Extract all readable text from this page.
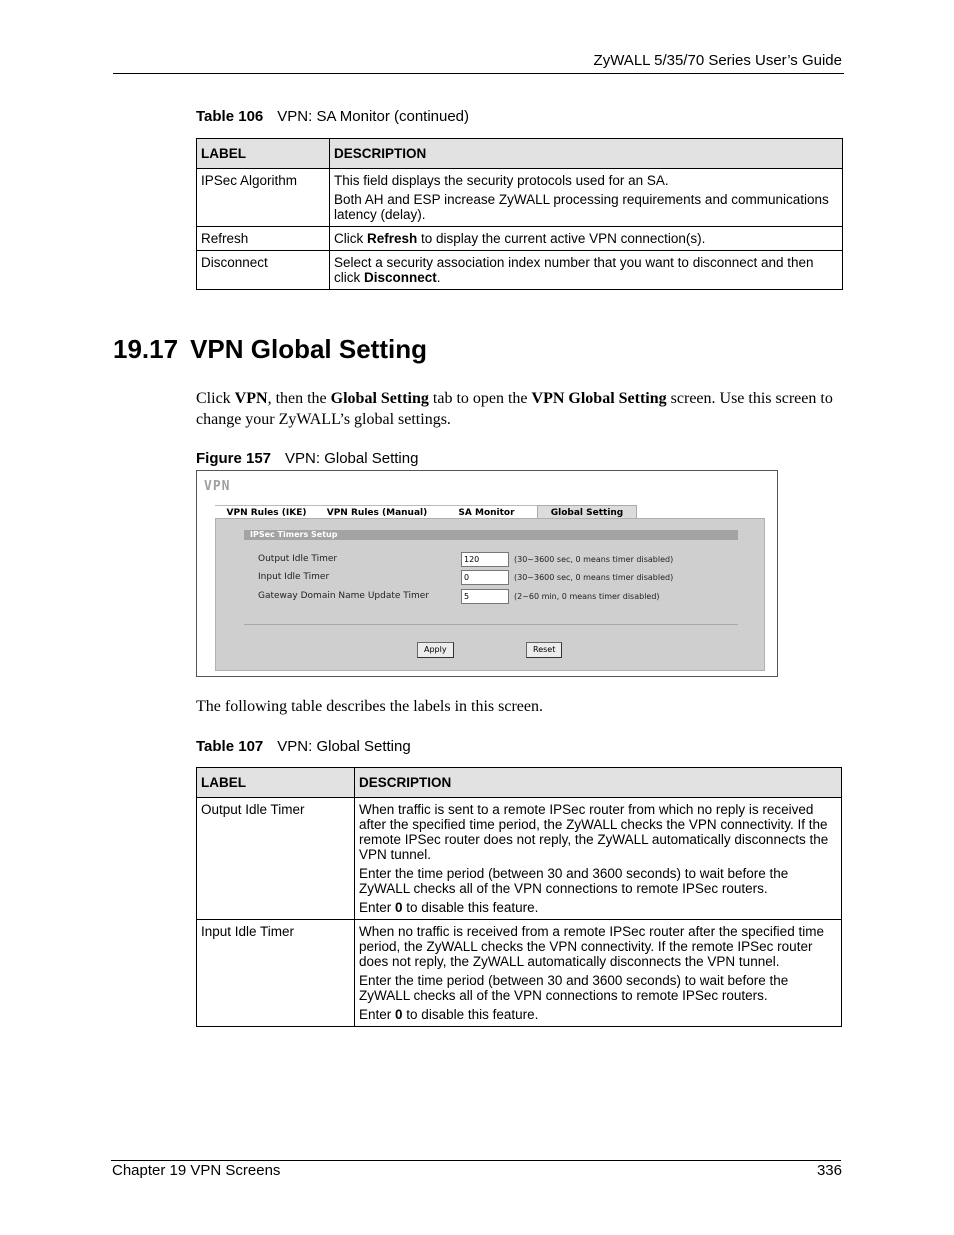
ZyWALL 5/35/70 Series User’s Guide
Table 106 VPN: SA Monitor (continued)
LABEL	DESCRIPTION
IPSec Algorithm	This field displays the security protocols used for an SA.

Both AH and ESP increase ZyWALL processing requirements and communications latency (delay).

Refresh	Click Refresh to display the current active VPN connection(s).
Disconnect	Select a security association index number that you want to disconnect and then click Disconnect.
19.17 VPN Global Setting
Click VPN, then the Global Setting tab to open the VPN Global Setting screen. Use this screen to change your ZyWALL’s global settings.
Figure 157 VPN: Global Setting
VPN
VPN Rules (IKE)	VPN Rules (Manual)	SA Monitor	Global Setting
IPSec Timers Setup
Output Idle Timer
120	(30~3600 sec, 0 means timer disabled)
Input Idle Timer
0	(30~3600 sec, 0 means timer disabled)
Gateway Domain Name Update Timer
5	(2~60 min, 0 means timer disabled)
Apply	Reset
The following table describes the labels in this screen.
Table 107 VPN: Global Setting
LABEL	DESCRIPTION
Output Idle Timer	When traffic is sent to a remote IPSec router from which no reply is received after the specified time period, the ZyWALL checks the VPN connectivity. If the remote IPSec router does not reply, the ZyWALL automatically disconnects the VPN tunnel.

Enter the time period (between 30 and 3600 seconds) to wait before the ZyWALL checks all of the VPN connections to remote IPSec routers.

Enter 0 to disable this feature.

Input Idle Timer	When no traffic is received from a remote IPSec router after the specified time period, the ZyWALL checks the VPN connectivity. If the remote IPSec router does not reply, the ZyWALL automatically disconnects the VPN tunnel.

Enter the time period (between 30 and 3600 seconds) to wait before the ZyWALL checks all of the VPN connections to remote IPSec routers.

Enter 0 to disable this feature.

Chapter 19 VPN Screens	336
